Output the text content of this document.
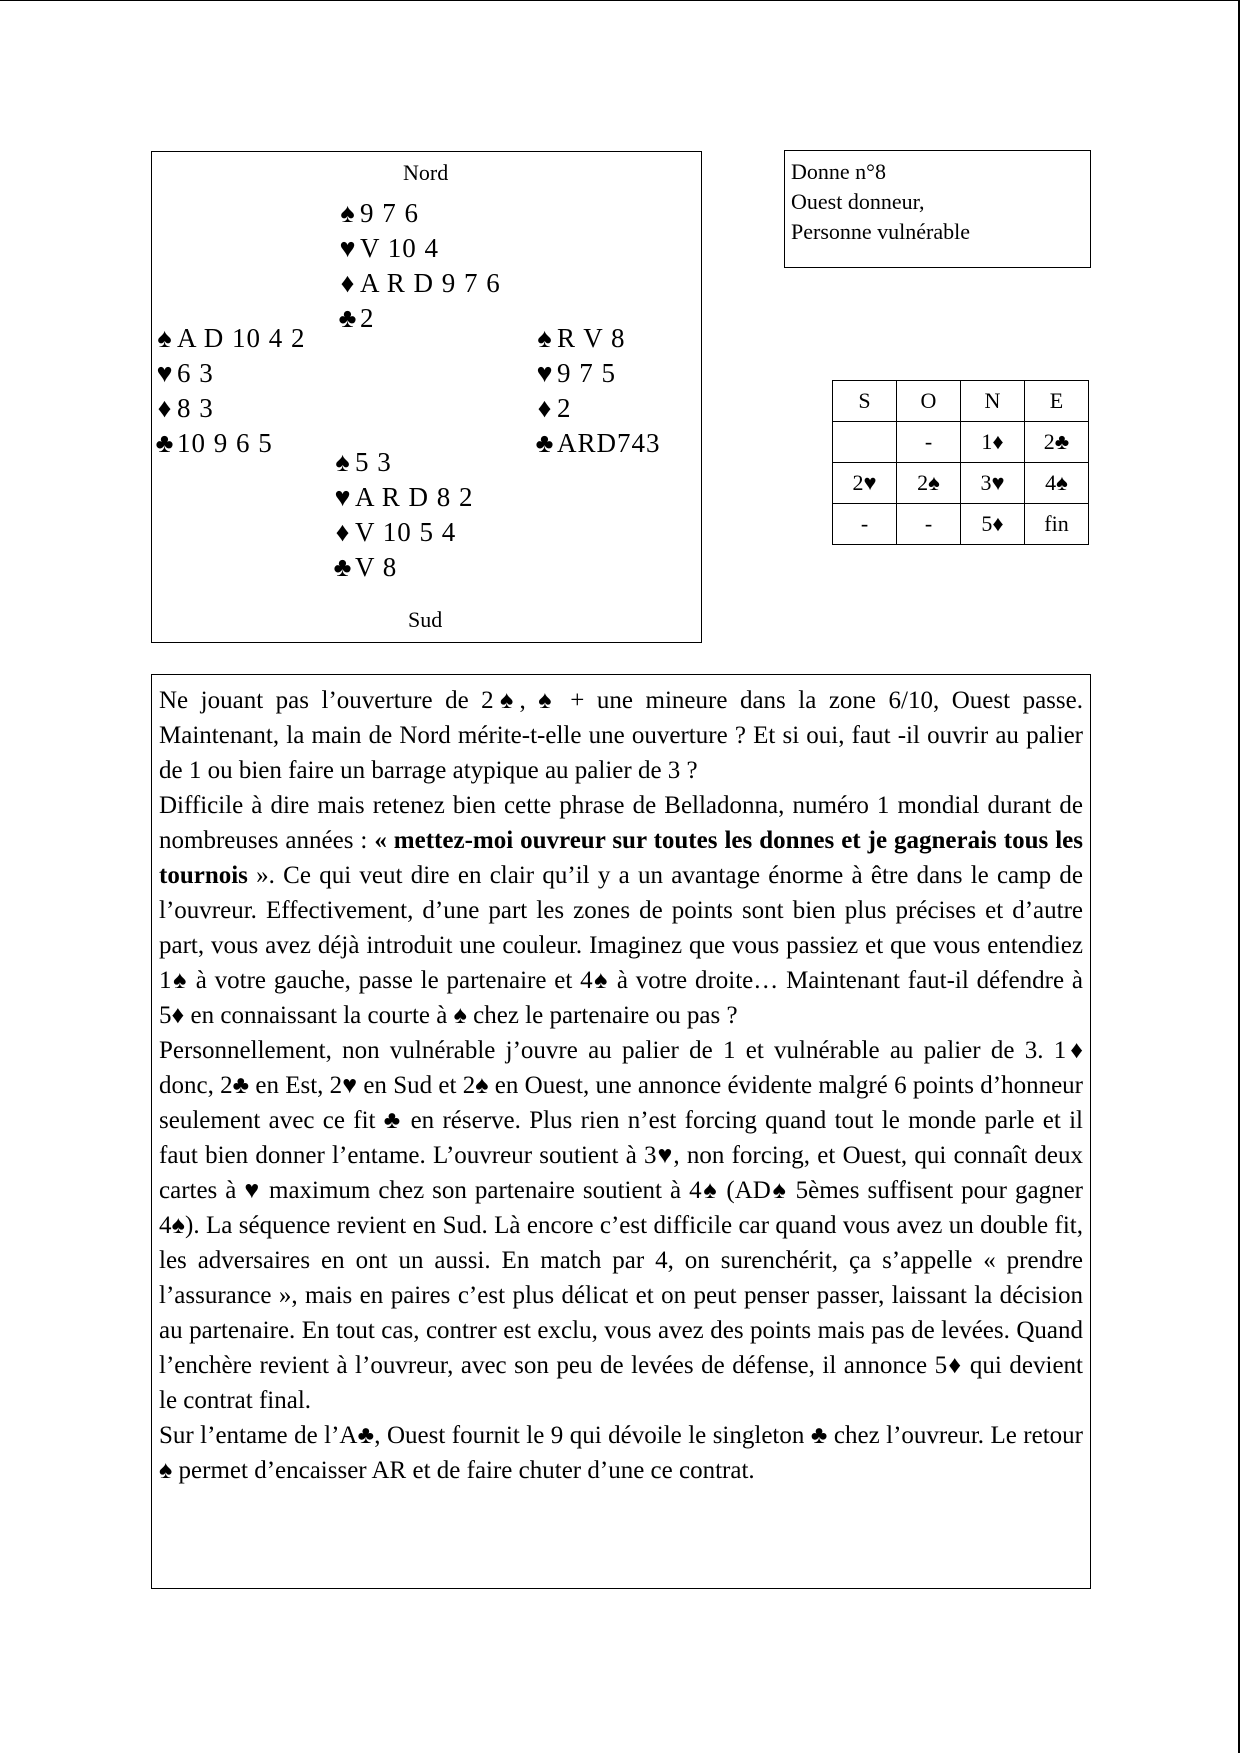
Nord
♠ 9 7 6
♥ V 10 4
♦ A R D 9 7 6
♣2
♠ A D 10 4 2
♥ 6 3
♦ 8 3
♣10 9 6 5
♠ R V 8
♥ 9 7 5
♦ 2
♣ARD743
♠ 5 3
♥ A R D 8 2
♦ V 10 5 4
♣V 8
Sud
Donne n°8
Ouest donneur,
Personne vulnérable
S	O	N	E
	-	1♦	2♣
2♥	2♠	3♥	4♠
-	-	5♦	fin

Ne jouant pas l’ouverture de 2♠, ♠ + une mineure dans la zone 6/10, Ouest passe. Maintenant, la main de Nord mérite-t-elle une ouverture ? Et si oui, faut -il ouvrir au palier de 1 ou bien faire un barrage atypique au palier de 3 ?

Difficile à dire mais retenez bien cette phrase de Belladonna, numéro 1 mondial durant de nombreuses années : « mettez-moi ouvreur sur toutes les donnes et je gagnerais tous les tournois ». Ce qui veut dire en clair qu’il y a un avantage énorme à être dans le camp de l’ouvreur. Effectivement, d’une part les zones de points sont bien plus précises et d’autre part, vous avez déjà introduit une couleur. Imaginez que vous passiez et que vous entendiez 1♠ à votre gauche, passe le partenaire et 4♠ à votre droite… Maintenant faut-il défendre à 5♦ en connaissant la courte à ♠ chez le partenaire ou pas ?

Personnellement, non vulnérable j’ouvre au palier de 1 et vulnérable au palier de 3. 1♦ donc, 2♣ en Est, 2♥ en Sud et 2♠ en Ouest, une annonce évidente malgré 6 points d’honneur seulement avec ce fit ♣ en réserve. Plus rien n’est forcing quand tout le monde parle et il faut bien donner l’entame. L’ouvreur soutient à 3♥, non forcing, et Ouest, qui connaît deux cartes à ♥ maximum chez son partenaire soutient à 4♠ (AD♠ 5èmes suffisent pour gagner 4♠). La séquence revient en Sud. Là encore c’est difficile car quand vous avez un double fit, les adversaires en ont un aussi. En match par 4, on surenchérit, ça s’appelle « prendre l’assurance », mais en paires c’est plus délicat et on peut penser passer, laissant la décision au partenaire. En tout cas, contrer est exclu, vous avez des points mais pas de levées. Quand l’enchère revient à l’ouvreur, avec son peu de levées de défense, il annonce 5♦ qui devient le contrat final.

Sur l’entame de l’A♣, Ouest fournit le 9 qui dévoile le singleton ♣ chez l’ouvreur. Le retour ♠ permet d’encaisser AR et de faire chuter d’une ce contrat.
